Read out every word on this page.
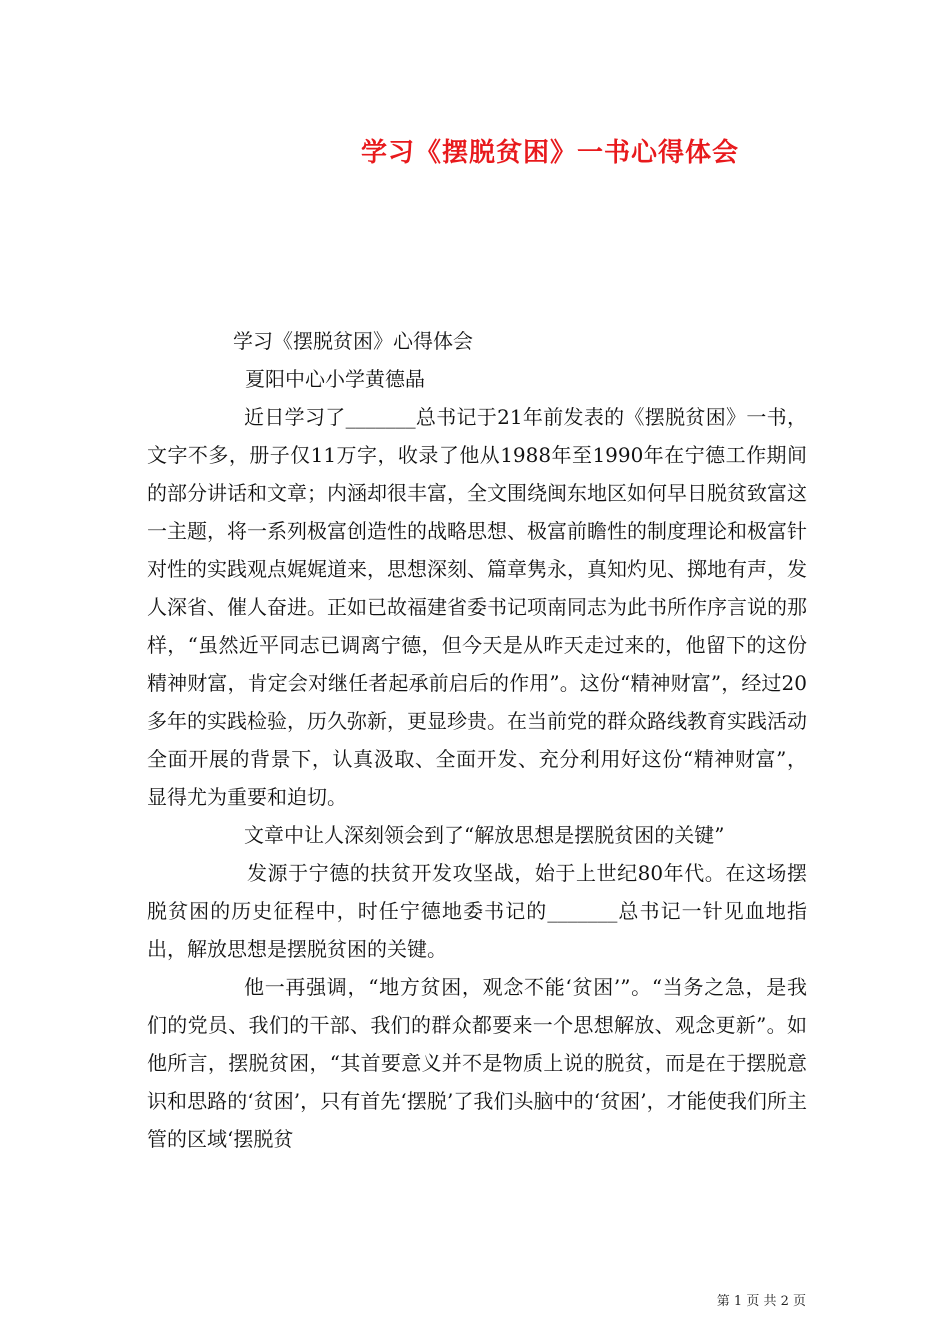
学习《摆脱贫困》一书心得体会

学习《摆脱贫困》心得体会

夏阳中心小学黄德晶

近日学习了_______总书记于21年前发表的《摆脱贫困》一书，文字不多，册子仅11万字，收录了他从1988年至1990年在宁德工作期间的部分讲话和文章；内涵却很丰富，全文围绕闽东地区如何早日脱贫致富这一主题，将一系列极富创造性的战略思想、极富前瞻性的制度理论和极富针对性的实践观点娓娓道来，思想深刻、篇章隽永，真知灼见、掷地有声，发人深省、催人奋进。正如已故福建省委书记项南同志为此书所作序言说的那样，“虽然近平同志已调离宁德，但今天是从昨天走过来的，他留下的这份精神财富，肯定会对继任者起承前启后的作用”。这份“精神财富”，经过20多年的实践检验，历久弥新，更显珍贵。在当前党的群众路线教育实践活动全面开展的背景下，认真汲取、全面开发、充分利用好这份“精神财富”，显得尤为重要和迫切。

文章中让人深刻领会到了“解放思想是摆脱贫困的关键”

发源于宁德的扶贫开发攻坚战，始于上世纪80年代。在这场摆脱贫困的历史征程中，时任宁德地委书记的_______总书记一针见血地指出，解放思想是摆脱贫困的关键。

他一再强调，“地方贫困，观念不能‘贫困’”。“当务之急，是我们的党员、我们的干部、我们的群众都要来一个思想解放、观念更新”。如他所言，摆脱贫困，“其首要意义并不是物质上说的脱贫，而是在于摆脱意识和思路的‘贫困’，只有首先‘摆脱’了我们头脑中的‘贫困’，才能使我们所主管的区域‘摆脱贫

第 1 页 共 2 页
